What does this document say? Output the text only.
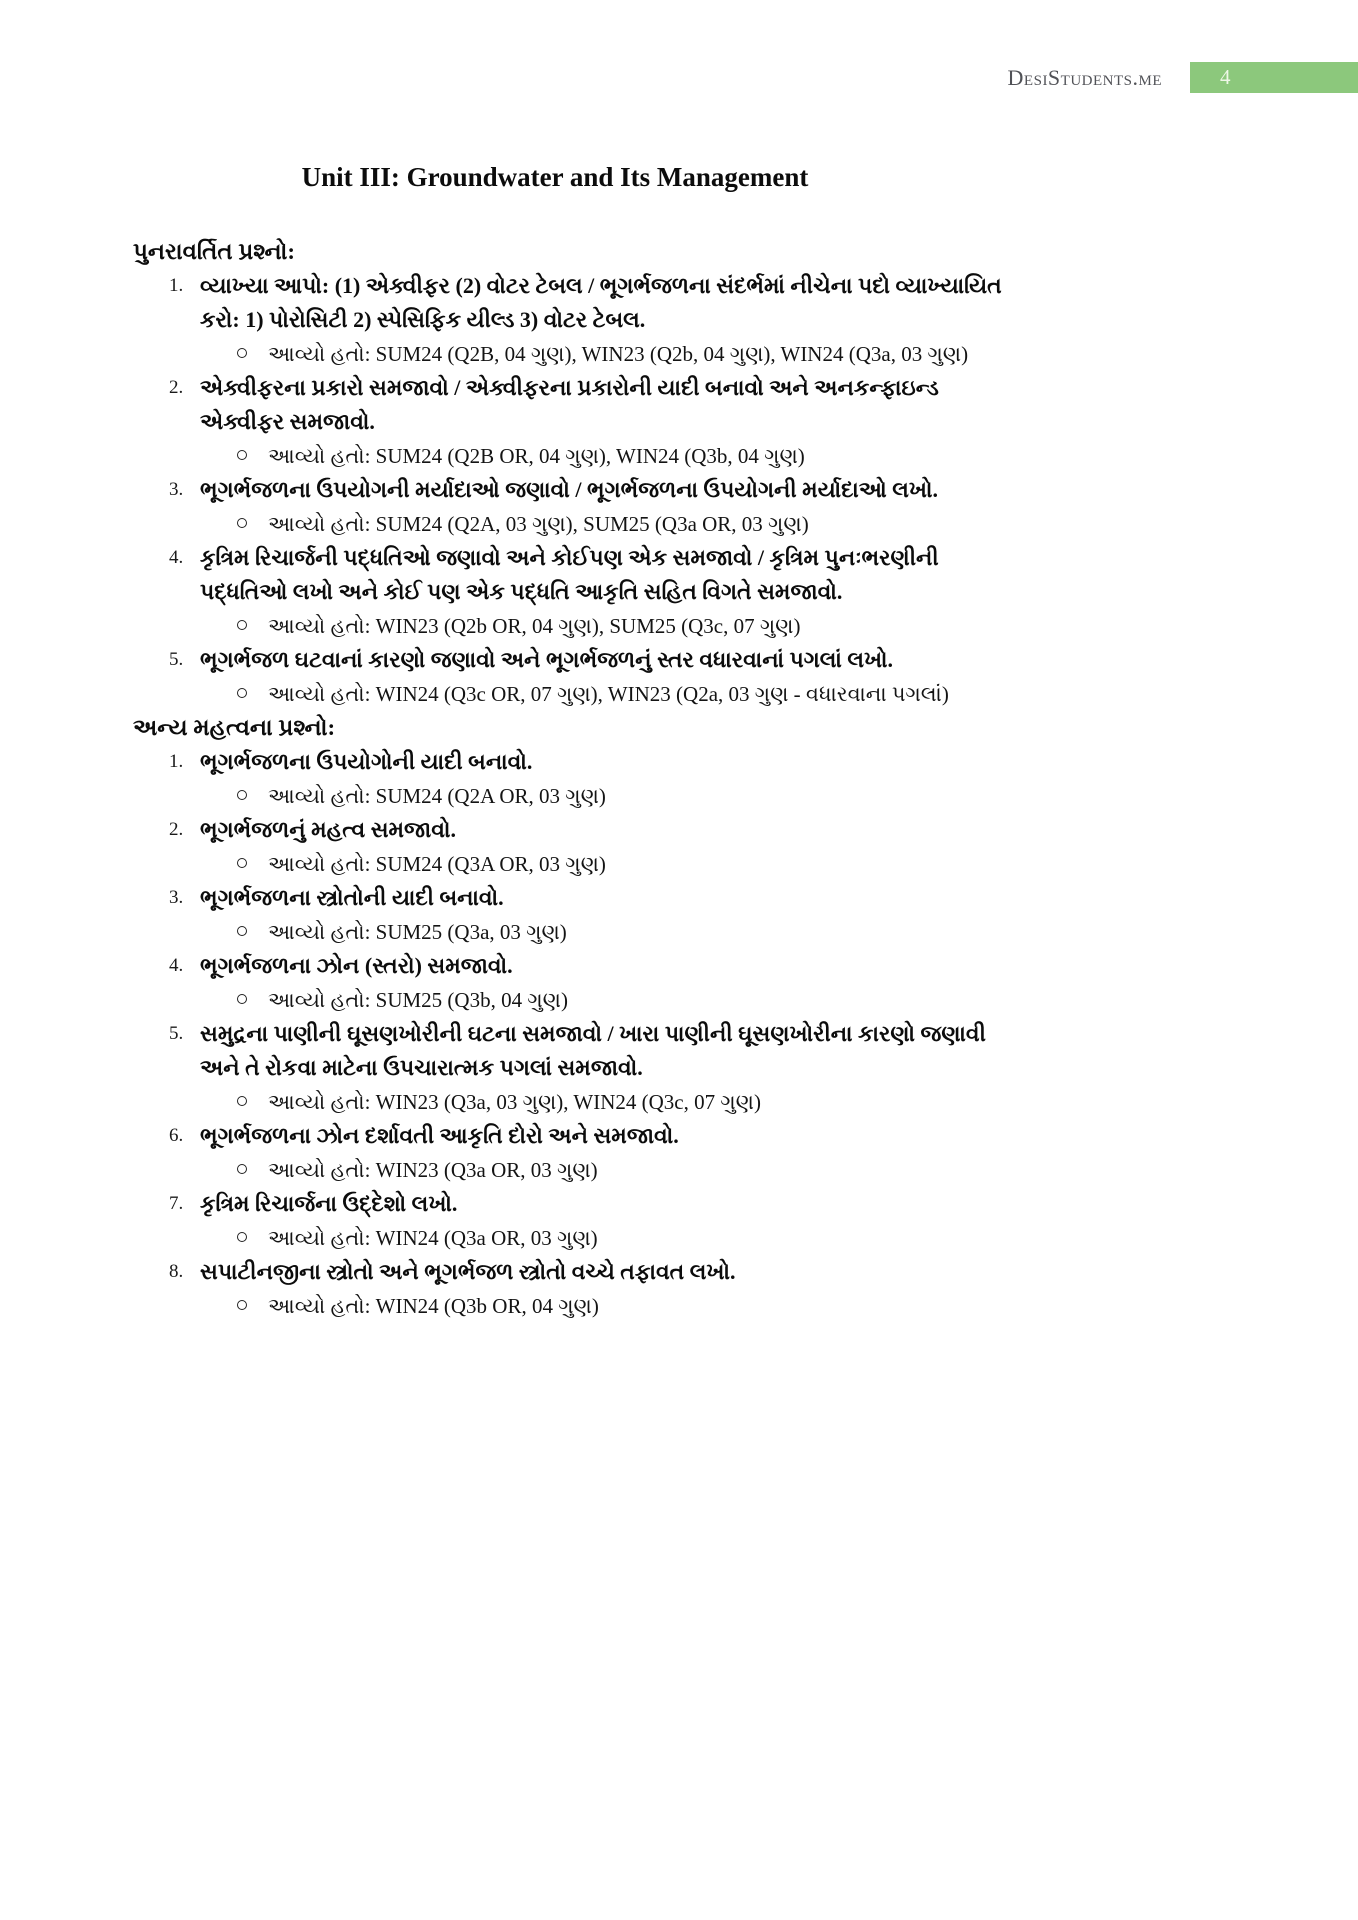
DesiStudents.me	4
Unit III: Groundwater and Its Management
પુનરાવર્તિત પ્રશ્નો:
1. વ્યાખ્યા આપો: (1) એક્વીફર (2) વોટર ટેબલ / ભૂગર્ભજળના સંદર્ભમાં નીચેના પદો વ્યાખ્યાયિત કરો: 1) પોરોસિટી 2) સ્પેસિફિક યીલ્ડ 3) વોટર ટેબલ.
આવ્યો હતો: SUM24 (Q2B, 04 ગુણ), WIN23 (Q2b, 04 ગુણ), WIN24 (Q3a, 03 ગુણ)
2. એક્વીફરના પ્રકારો સમજાવો / એક્વીફરના પ્રકારોની યાદી બનાવો અને અનકન્ફાઇન્ડ એક્વીફર સમજાવો.
આવ્યો હતો: SUM24 (Q2B OR, 04 ગુણ), WIN24 (Q3b, 04 ગુણ)
3. ભૂગર્ભજળના ઉપયોગની મર્યાદાઓ જણાવો / ભૂગર્ભજળના ઉપયોગની મર્યાદાઓ લખો.
આવ્યો હતો: SUM24 (Q2A, 03 ગુણ), SUM25 (Q3a OR, 03 ગુણ)
4. કૃત્રિમ રિચાર્જની પદ્ધતિઓ જણાવો અને કોઈપણ એક સમજાવો / કૃત્રિમ પુનઃભરણીની પદ્ધતિઓ લખો અને કોઈ પણ એક પદ્ધતિ આકૃતિ સહિત વિગતે સમજાવો.
આવ્યો હતો: WIN23 (Q2b OR, 04 ગુણ), SUM25 (Q3c, 07 ગુણ)
5. ભૂગર્ભજળ ઘટવાનાં કારણો જણાવો અને ભૂગર્ભજળનું સ્તર વધારવાનાં પગલાં લખો.
આવ્યો હતો: WIN24 (Q3c OR, 07 ગુણ), WIN23 (Q2a, 03 ગુણ - વધારવાના પગલાં)
અન્ય મહત્વના પ્રશ્નો:
1. ભૂગર્ભજળના ઉપયોગોની યાદી બનાવો.
આવ્યો હતો: SUM24 (Q2A OR, 03 ગુણ)
2. ભૂગર્ભજળનું મહત્વ સમજાવો.
આવ્યો હતો: SUM24 (Q3A OR, 03 ગુણ)
3. ભૂગર્ભજળના સ્ત્રોતોની યાદી બનાવો.
આવ્યો હતો: SUM25 (Q3a, 03 ગુણ)
4. ભૂગર્ભજળના ઝોન (સ્તરો) સમજાવો.
આવ્યો હતો: SUM25 (Q3b, 04 ગુણ)
5. સમુદ્રના પાણીની ઘૂસણખોરીની ઘટના સમજાવો / ખારા પાણીની ઘૂસણખોરીના કારણો જણાવી અને તે રોકવા માટેના ઉપચારાત્મક પગલાં સમજાવો.
આવ્યો હતો: WIN23 (Q3a, 03 ગુણ), WIN24 (Q3c, 07 ગુણ)
6. ભૂગર્ભજળના ઝોન દર્શાવતી આકૃતિ દોરો અને સમજાવો.
આવ્યો હતો: WIN23 (Q3a OR, 03 ગુણ)
7. કૃત્રિમ રિચાર્જના ઉદ્દેશો લખો.
આવ્યો હતો: WIN24 (Q3a OR, 03 ગુણ)
8. સપાટીનજીના સ્ત્રોતો અને ભૂગર્ભજળ સ્ત્રોતો વચ્ચે તફાવત લખો.
આવ્યો હતો: WIN24 (Q3b OR, 04 ગુણ)
